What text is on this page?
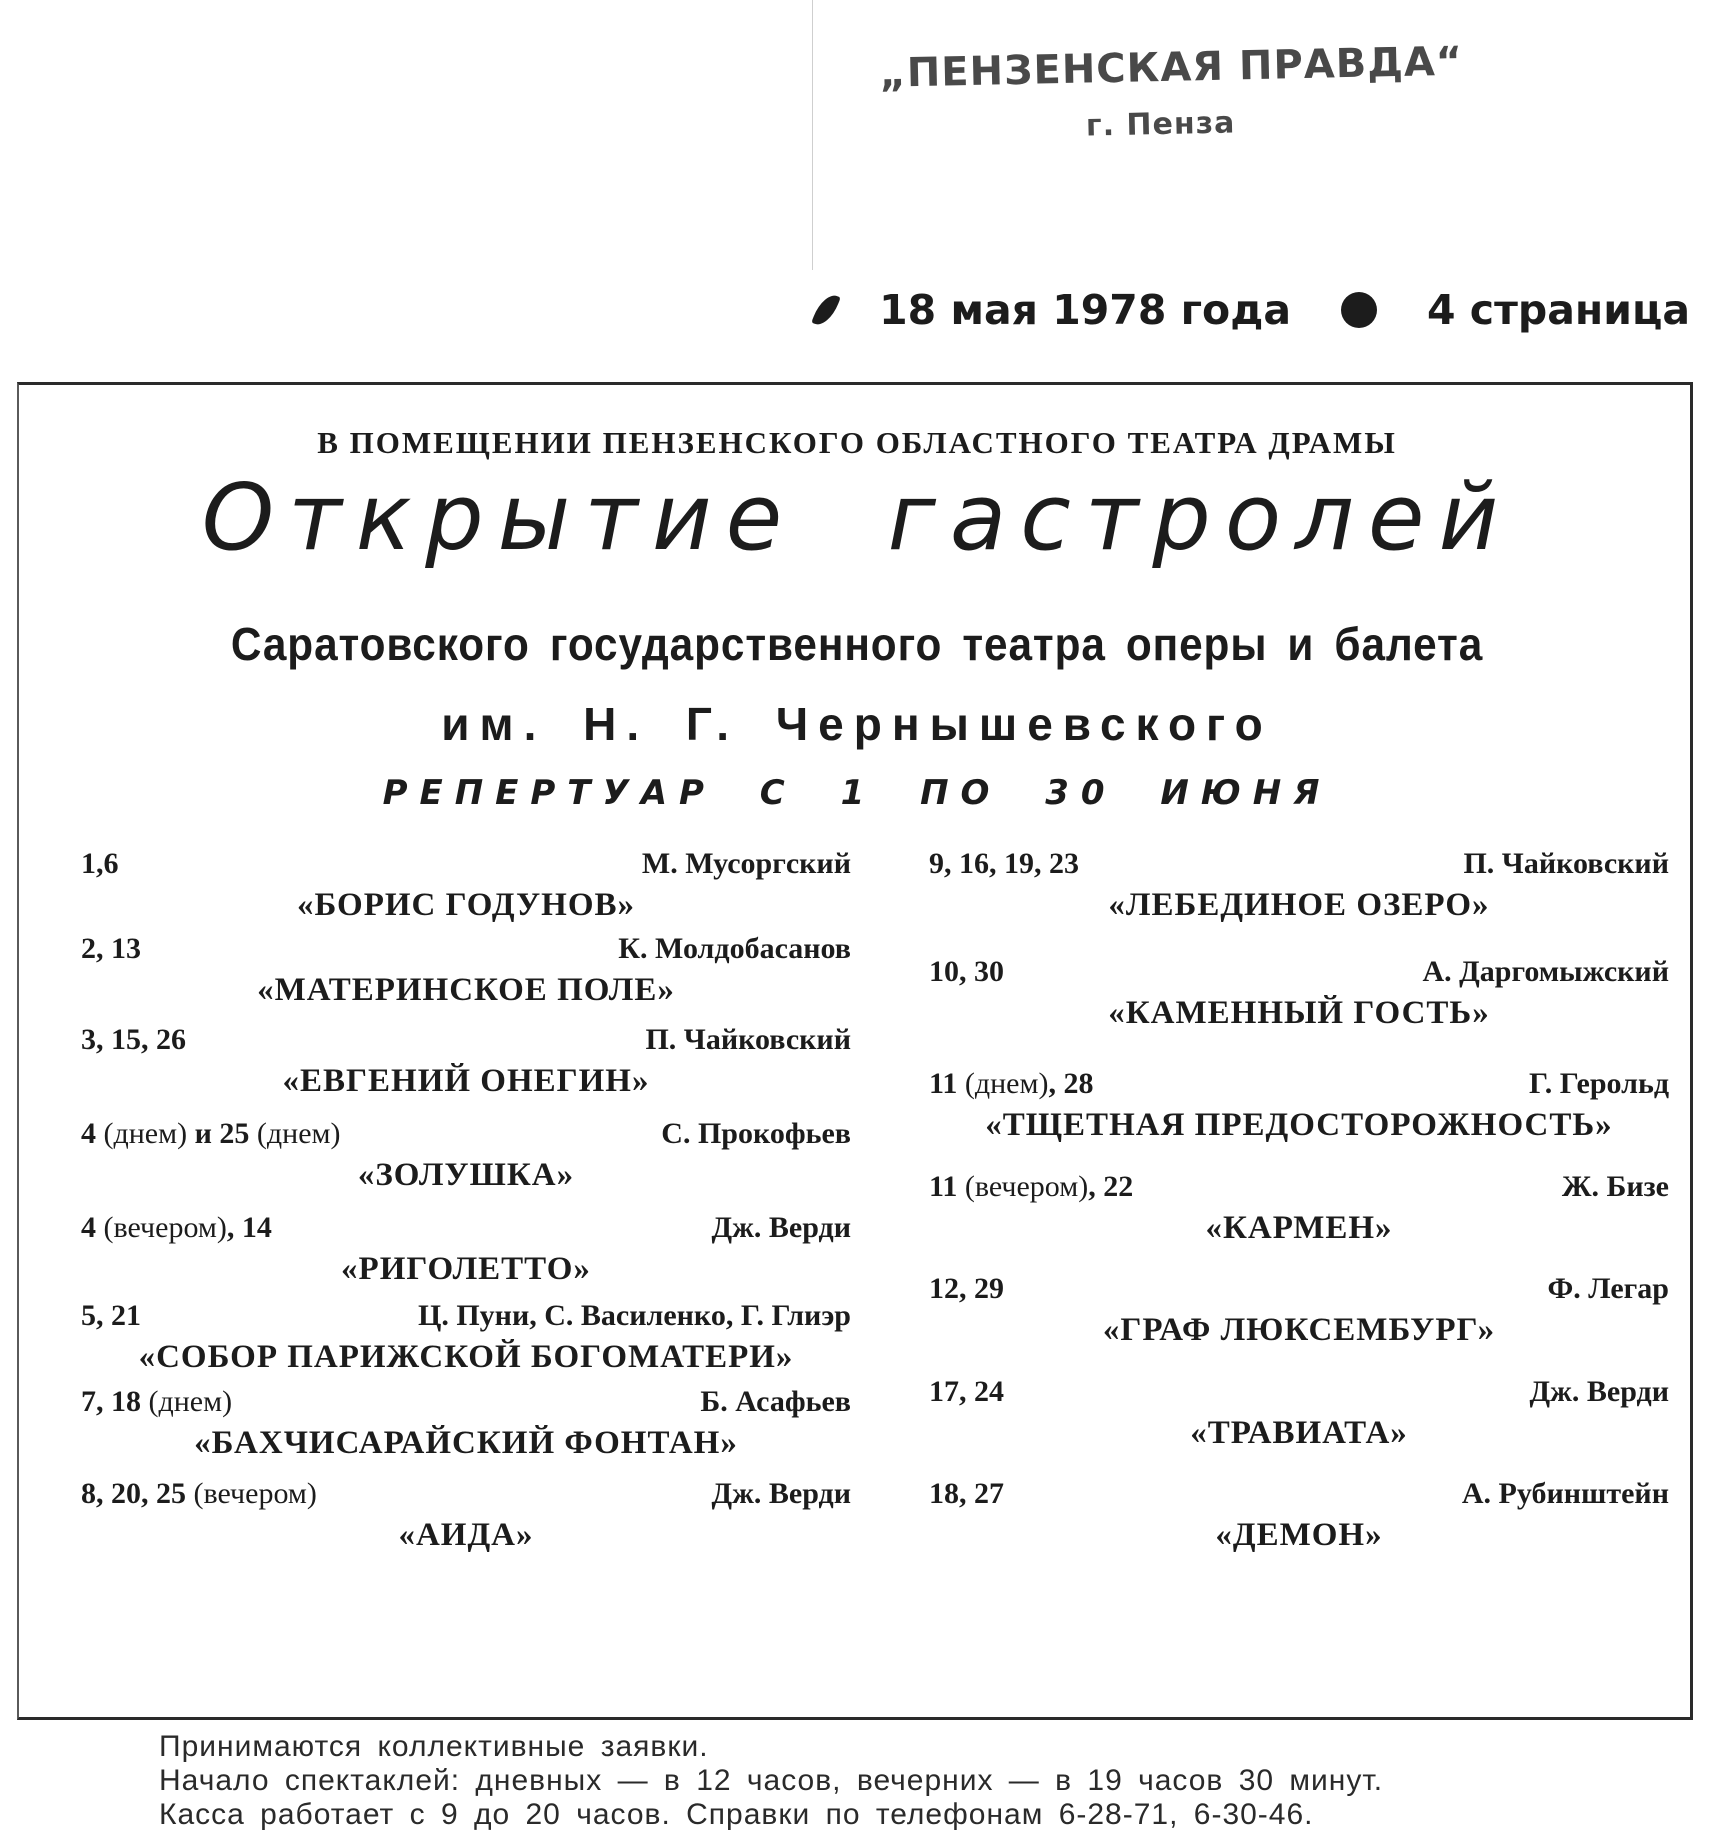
„ПЕНЗЕНСКАЯ ПРАВДА“
г. Пенза
18 мая 1978 года	4 страница
В ПОМЕЩЕНИИ ПЕНЗЕНСКОГО ОБЛАСТНОГО ТЕАТРА ДРАМЫ
Открытие гастролей
Саратовского государственного театра оперы и балета
им. Н. Г. Чернышевского
РЕПЕРТУАР С 1 ПО 30 ИЮНЯ
1,6	М. Мусоргский
«БОРИС ГОДУНОВ»
2, 13	К. Молдобасанов
«МАТЕРИНСКОЕ ПОЛЕ»
3, 15, 26	П. Чайковский
«ЕВГЕНИЙ ОНЕГИН»
4 (днем) и 25 (днем)	С. Прокофьев
«ЗОЛУШКА»
4 (вечером), 14	Дж. Верди
«РИГОЛЕТТО»
5, 21	Ц. Пуни, С. Василенко, Г. Глиэр
«СОБОР ПАРИЖСКОЙ БОГОМАТЕРИ»
7, 18 (днем)	Б. Асафьев
«БАХЧИСАРАЙСКИЙ ФОНТАН»
8, 20, 25 (вечером)	Дж. Верди
«АИДА»
9, 16, 19, 23	П. Чайковский
«ЛЕБЕДИНОЕ ОЗЕРО»
10, 30	А. Даргомыжский
«КАМЕННЫЙ ГОСТЬ»
11 (днем), 28	Г. Герольд
«ТЩЕТНАЯ ПРЕДОСТОРОЖНОСТЬ»
11 (вечером), 22	Ж. Бизе
«КАРМЕН»
12, 29	Ф. Легар
«ГРАФ ЛЮКСЕМБУРГ»
17, 24	Дж. Верди
«ТРАВИАТА»
18, 27	А. Рубинштейн
«ДЕМОН»
Принимаются коллективные заявки.
Начало спектаклей: дневных — в 12 часов, вечерних — в 19 часов 30 минут.
Касса работает с 9 до 20 часов. Справки по телефонам 6-28-71, 6-30-46.
